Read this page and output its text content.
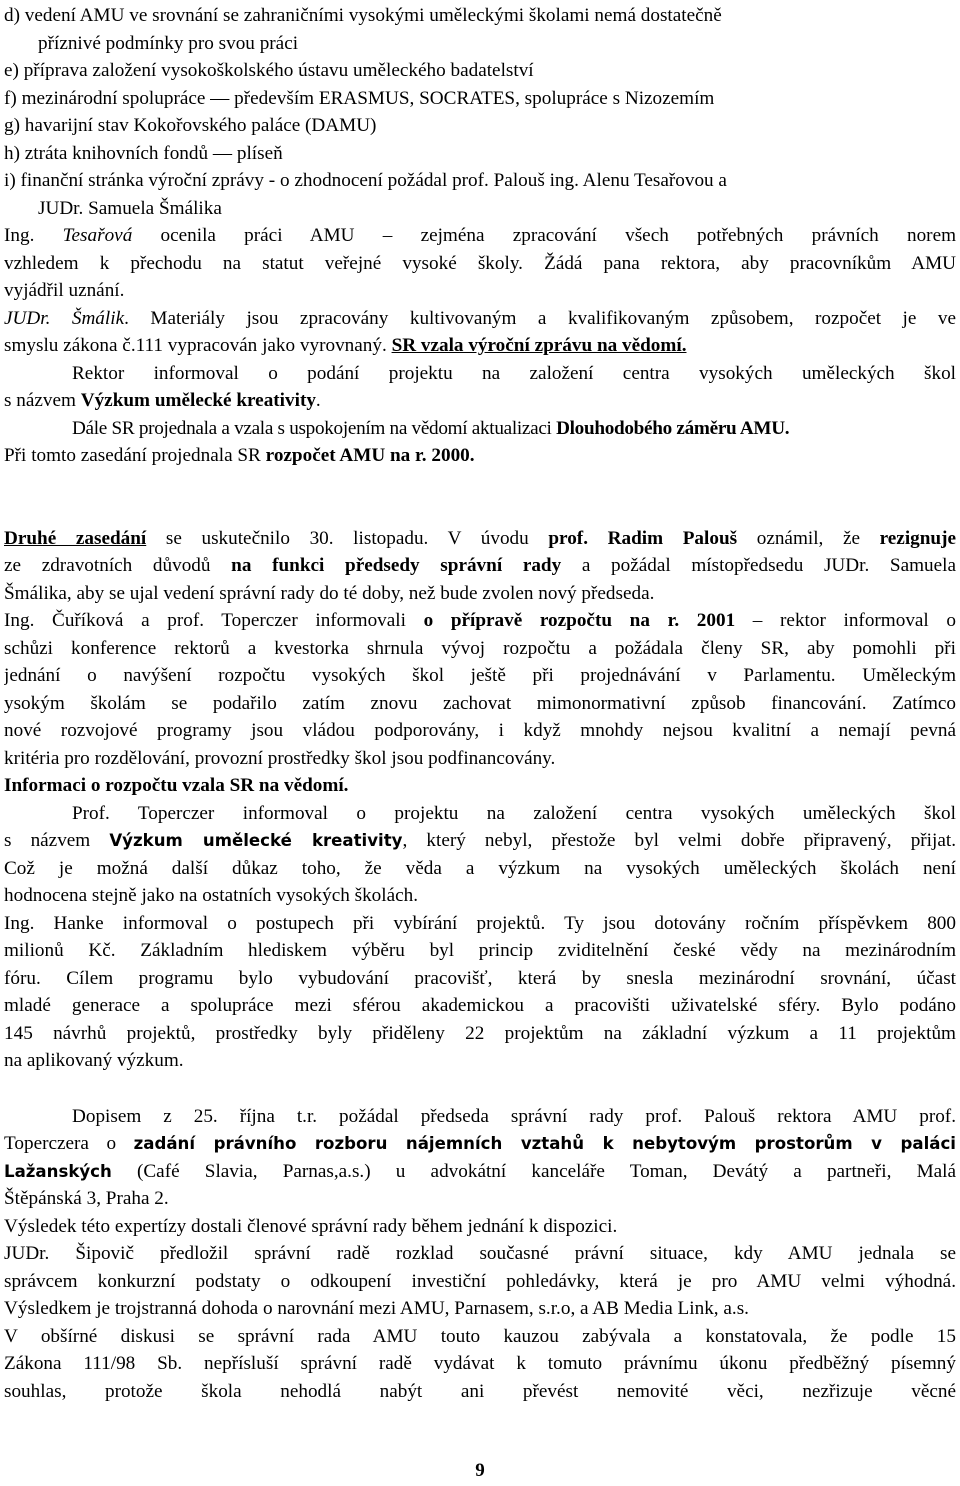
d) vedení AMU ve srovnání se zahraničními vysokými uměleckými školami nemá dostatečně
příznivé podmínky pro svou práci
e) příprava založení vysokoškolského ústavu uměleckého badatelství
f) mezinárodní spolupráce — především ERASMUS, SOCRATES, spolupráce s Nizozemím
g) havarijní stav Kokořovského paláce (DAMU)
h) ztráta knihovních fondů — plíseň
i) finanční stránka výroční zprávy - o zhodnocení požádal prof. Palouš ing. Alenu Tesařovou a
JUDr. Samuela Šmálika
Ing. Tesařová ocenila práci AMU – zejména zpracování všech potřebných právních norem
vzhledem k přechodu na statut veřejné vysoké školy. Žádá pana rektora, aby pracovníkům AMU
vyjádřil uznání.
JUDr. Šmálik. Materiály jsou zpracovány kultivovaným a kvalifikovaným způsobem, rozpočet je ve
smyslu zákona č.111 vypracován jako vyrovnaný. SR vzala výroční zprávu na vědomí.
Rektor informoval o podání projektu na založení centra vysokých uměleckých škol
s názvem Výzkum umělecké kreativity.
Dále SR projednala a vzala s uspokojením na vědomí aktualizaci Dlouhodobého záměru AMU.
Při tomto zasedání projednala SR rozpočet AMU na r. 2000.
Druhé zasedání se uskutečnilo 30. listopadu. V úvodu prof. Radim Palouš oznámil, že rezignuje
ze zdravotních důvodů na funkci předsedy správní rady a požádal místopředsedu JUDr. Samuela
Šmálika, aby se ujal vedení správní rady do té doby, než bude zvolen nový předseda.
Ing. Čuříková a prof. Toperczer informovali o přípravě rozpočtu na r. 2001 – rektor informoval o
schůzi konference rektorů a kvestorka shrnula vývoj rozpočtu a požádala členy SR, aby pomohli při
jednání o navýšení rozpočtu vysokých škol ještě při projednávání v Parlamentu. Uměleckým
ysokým školám se podařilo zatím znovu zachovat mimonormativní způsob financování. Zatímco
nové rozvojové programy jsou vládou podporovány, i když mnohdy nejsou kvalitní a nemají pevná
kritéria pro rozdělování, provozní prostředky škol jsou podfinancovány.
Informaci o rozpočtu vzala SR na vědomí.
Prof. Toperczer informoval o projektu na založení centra vysokých uměleckých škol
s názvem Výzkum umělecké kreativity, který nebyl, přestože byl velmi dobře připravený, přijat.
Což je možná další důkaz toho, že věda a výzkum na vysokých uměleckých školách není
hodnocena stejně jako na ostatních vysokých školách.
Ing. Hanke informoval o postupech při vybírání projektů. Ty jsou dotovány ročním příspěvkem 800
milionů Kč. Základním hlediskem výběru byl princip zviditelnění české vědy na mezinárodním
fóru. Cílem programu bylo vybudování pracovišť, která by snesla mezinárodní srovnání, účast
mladé generace a spolupráce mezi sférou akademickou a pracovišti uživatelské sféry. Bylo podáno
145 návrhů projektů, prostředky byly přiděleny 22 projektům na základní výzkum a 11 projektům
na aplikovaný výzkum.
Dopisem z 25. října t.r. požádal předseda správní rady prof. Palouš rektora AMU prof.
Toperczera o zadání právního rozboru nájemních vztahů k nebytovým prostorům v paláci
Lažanských (Café Slavia, Parnas,a.s.) u advokátní kanceláře Toman, Devátý a partneři, Malá
Štěpánská 3, Praha 2.
Výsledek této expertízy dostali členové správní rady během jednání k dispozici.
JUDr. Šipovič předložil správní radě rozklad současné právní situace, kdy AMU jednala se
správcem konkurzní podstaty o odkoupení investiční pohledávky, která je pro AMU velmi výhodná.
Výsledkem je trojstranná dohoda o narovnání mezi AMU, Parnasem, s.r.o, a AB Media Link, a.s.
V obšírné diskusi se správní rada AMU touto kauzou zabývala a konstatovala, že podle 15
Zákona 111/98 Sb. nepřísluší správní radě vydávat k tomuto právnímu úkonu předběžný písemný
souhlas, protože škola nehodlá nabýt ani převést nemovité věci, nezřizuje věcné
9
